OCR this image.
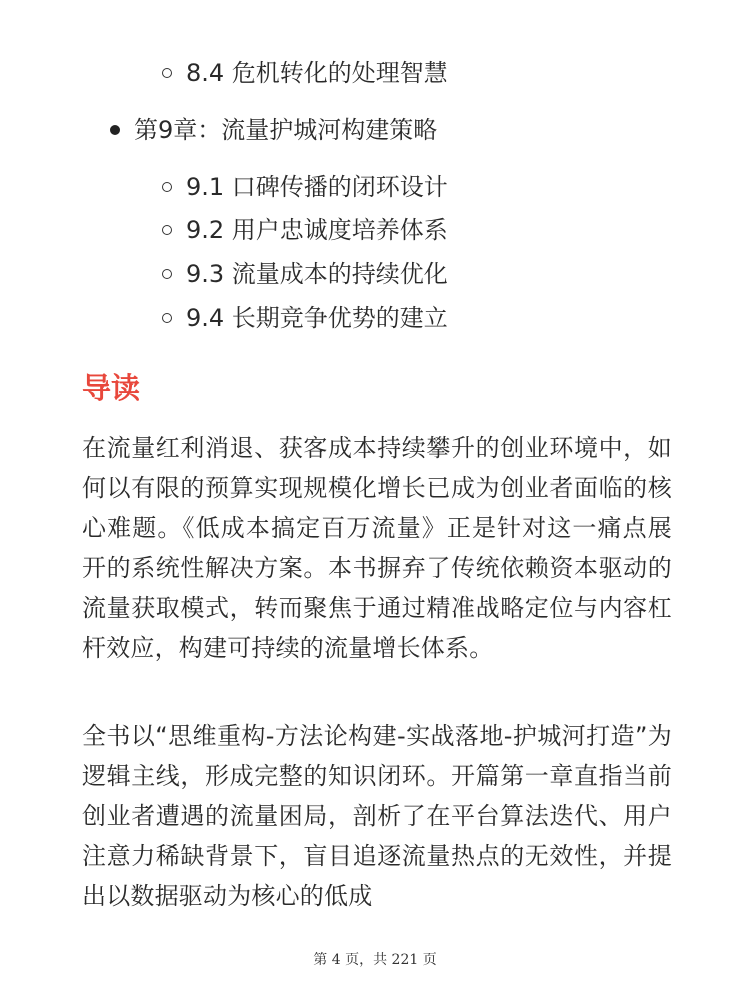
8.4 危机转化的处理智慧
第9章：流量护城河构建策略
9.1 口碑传播的闭环设计
9.2 用户忠诚度培养体系
9.3 流量成本的持续优化
9.4 长期竞争优势的建立
导读

在流量红利消退、获客成本持续攀升的创业环境中，如何以有限的预算实现规模化增长已成为创业者面临的核心难题。《低成本搞定百万流量》正是针对这一痛点展开的系统性解决方案。本书摒弃了传统依赖资本驱动的流量获取模式，转而聚焦于通过精准战略定位与内容杠杆效应，构建可持续的流量增长体系。

全书以“思维重构-方法论构建-实战落地-护城河打造”为逻辑主线，形成完整的知识闭环。开篇第一章直指当前创业者遭遇的流量困局，剖析了在平台算法迭代、用户注意力稀缺背景下，盲目追逐流量热点的无效性，并提出以数据驱动为核心的低成

第 4 页，共 221 页
